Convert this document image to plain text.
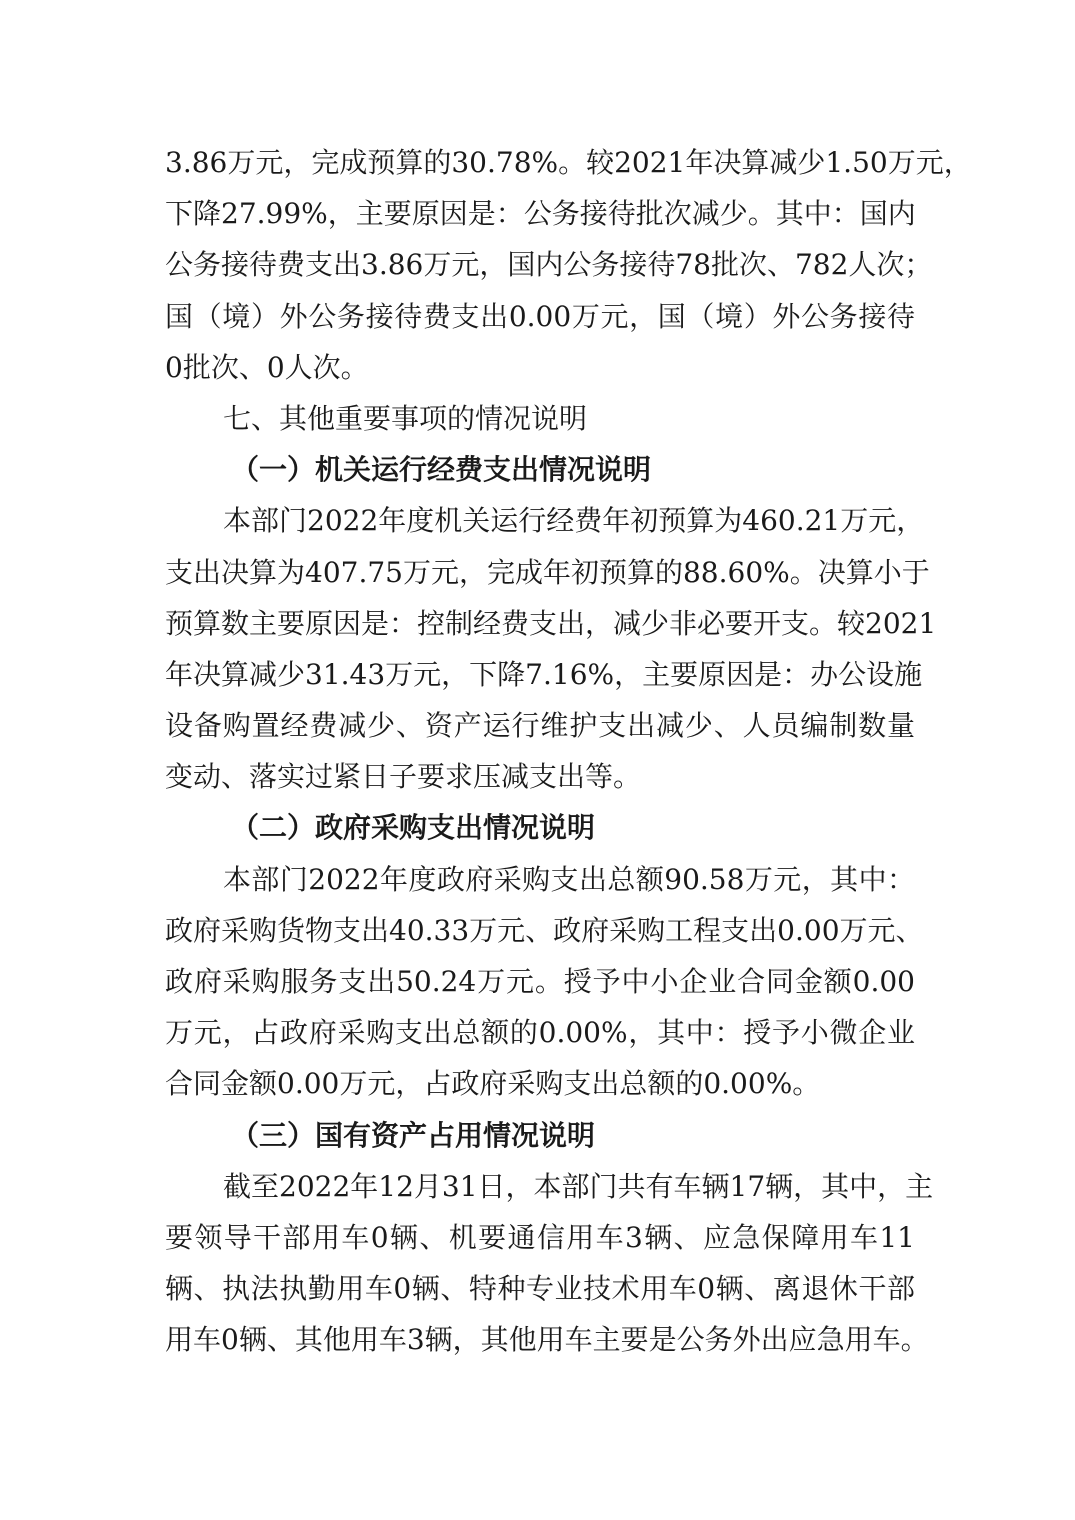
3.86万元，完成预算的30.78%。较2021年决算减少1.50万元，
下降27.99%，主要原因是：公务接待批次减少。其中：国内
公务接待费支出3.86万元，国内公务接待78批次、782人次；
国（境）外公务接待费支出0.00万元，国（境）外公务接待
0批次、0人次。
七、其他重要事项的情况说明
（一）机关运行经费支出情况说明
本部门2022年度机关运行经费年初预算为460.21万元，
支出决算为407.75万元，完成年初预算的88.60%。决算小于
预算数主要原因是：控制经费支出，减少非必要开支。较2021
年决算减少31.43万元，下降7.16%，主要原因是：办公设施
设备购置经费减少、资产运行维护支出减少、人员编制数量
变动、落实过紧日子要求压减支出等。
（二）政府采购支出情况说明
本部门2022年度政府采购支出总额90.58万元，其中：
政府采购货物支出40.33万元、政府采购工程支出0.00万元、
政府采购服务支出50.24万元。授予中小企业合同金额0.00
万元，占政府采购支出总额的0.00%，其中：授予小微企业
合同金额0.00万元，占政府采购支出总额的0.00%。
（三）国有资产占用情况说明
截至2022年12月31日，本部门共有车辆17辆，其中，主
要领导干部用车0辆、机要通信用车3辆、应急保障用车11
辆、执法执勤用车0辆、特种专业技术用车0辆、离退休干部
用车0辆、其他用车3辆，其他用车主要是公务外出应急用车。
